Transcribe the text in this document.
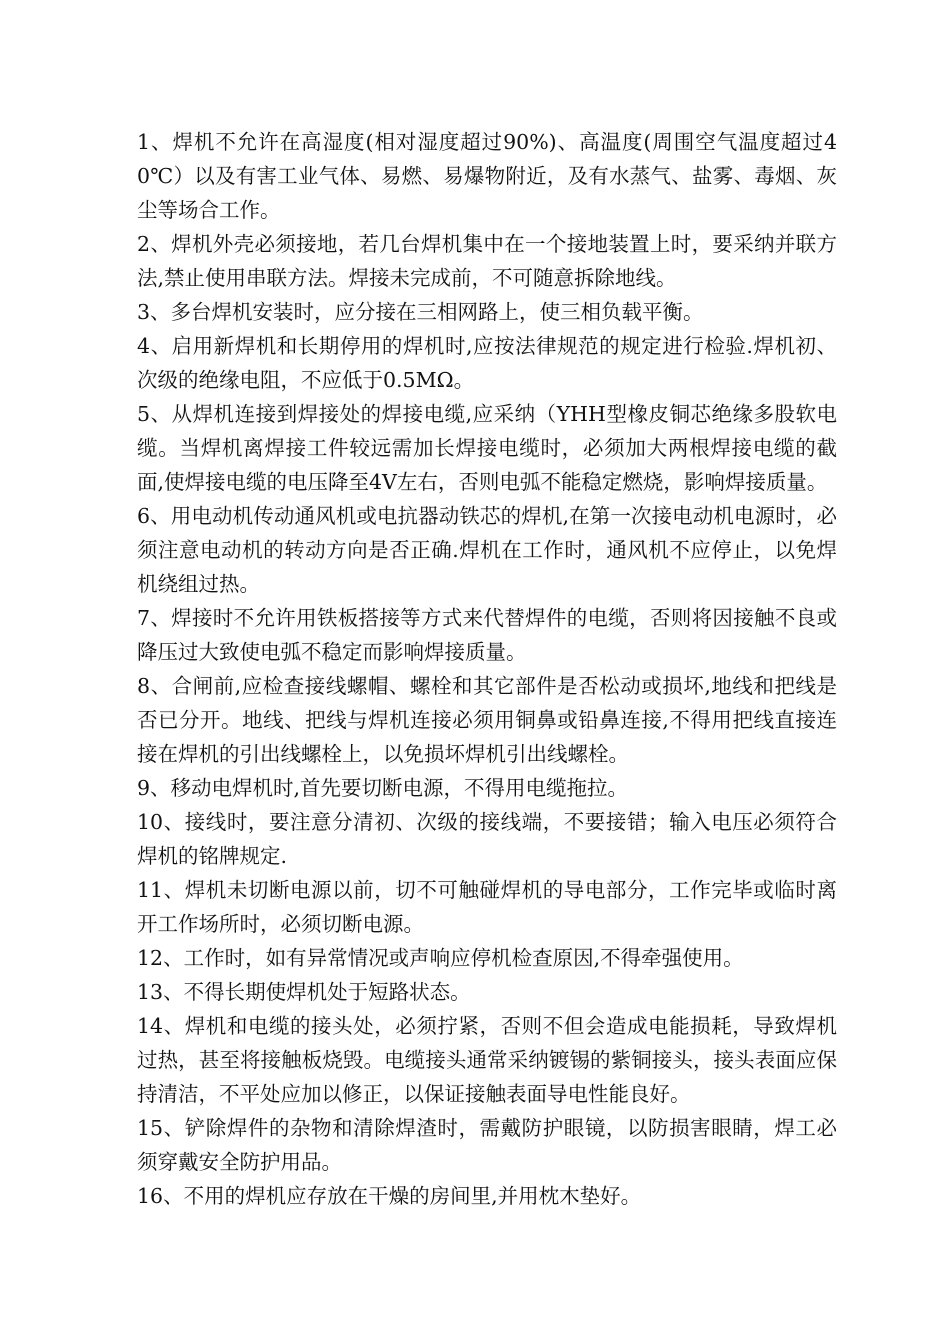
1、焊机不允许在高湿度(相对湿度超过90%)、高温度(周围空气温度超过40℃）以及有害工业气体、易燃、易爆物附近，及有水蒸气、盐雾、毒烟、灰尘等场合工作。

2、焊机外壳必须接地，若几台焊机集中在一个接地装置上时，要采纳并联方法,禁止使用串联方法。焊接未完成前，不可随意拆除地线。

3、多台焊机安装时，应分接在三相网路上，使三相负载平衡。

4、启用新焊机和长期停用的焊机时,应按法律规范的规定进行检验.焊机初、次级的绝缘电阻，不应低于0.5MΩ。

5、从焊机连接到焊接处的焊接电缆,应采纳（YHH型橡皮铜芯绝缘多股软电缆。当焊机离焊接工件较远需加长焊接电缆时，必须加大两根焊接电缆的截面,使焊接电缆的电压降至4V左右，否则电弧不能稳定燃烧，影响焊接质量。

6、用电动机传动通风机或电抗器动铁芯的焊机,在第一次接电动机电源时，必须注意电动机的转动方向是否正确.焊机在工作时，通风机不应停止，以免焊机绕组过热。

7、焊接时不允许用铁板搭接等方式来代替焊件的电缆，否则将因接触不良或降压过大致使电弧不稳定而影响焊接质量。

8、合闸前,应检查接线螺帽、螺栓和其它部件是否松动或损坏,地线和把线是否已分开。地线、把线与焊机连接必须用铜鼻或铅鼻连接,不得用把线直接连接在焊机的引出线螺栓上，以免损坏焊机引出线螺栓。

9、移动电焊机时,首先要切断电源，不得用电缆拖拉。

10、接线时，要注意分清初、次级的接线端，不要接错；输入电压必须符合焊机的铭牌规定.

11、焊机未切断电源以前，切不可触碰焊机的导电部分，工作完毕或临时离开工作场所时，必须切断电源。

12、工作时，如有异常情况或声响应停机检查原因,不得牵强使用。

13、不得长期使焊机处于短路状态。

14、焊机和电缆的接头处，必须拧紧，否则不但会造成电能损耗，导致焊机过热，甚至将接触板烧毁。电缆接头通常采纳镀锡的紫铜接头，接头表面应保持清洁，不平处应加以修正，以保证接触表面导电性能良好。

15、铲除焊件的杂物和清除焊渣时，需戴防护眼镜，以防损害眼睛，焊工必须穿戴安全防护用品。

16、不用的焊机应存放在干燥的房间里,并用枕木垫好。
